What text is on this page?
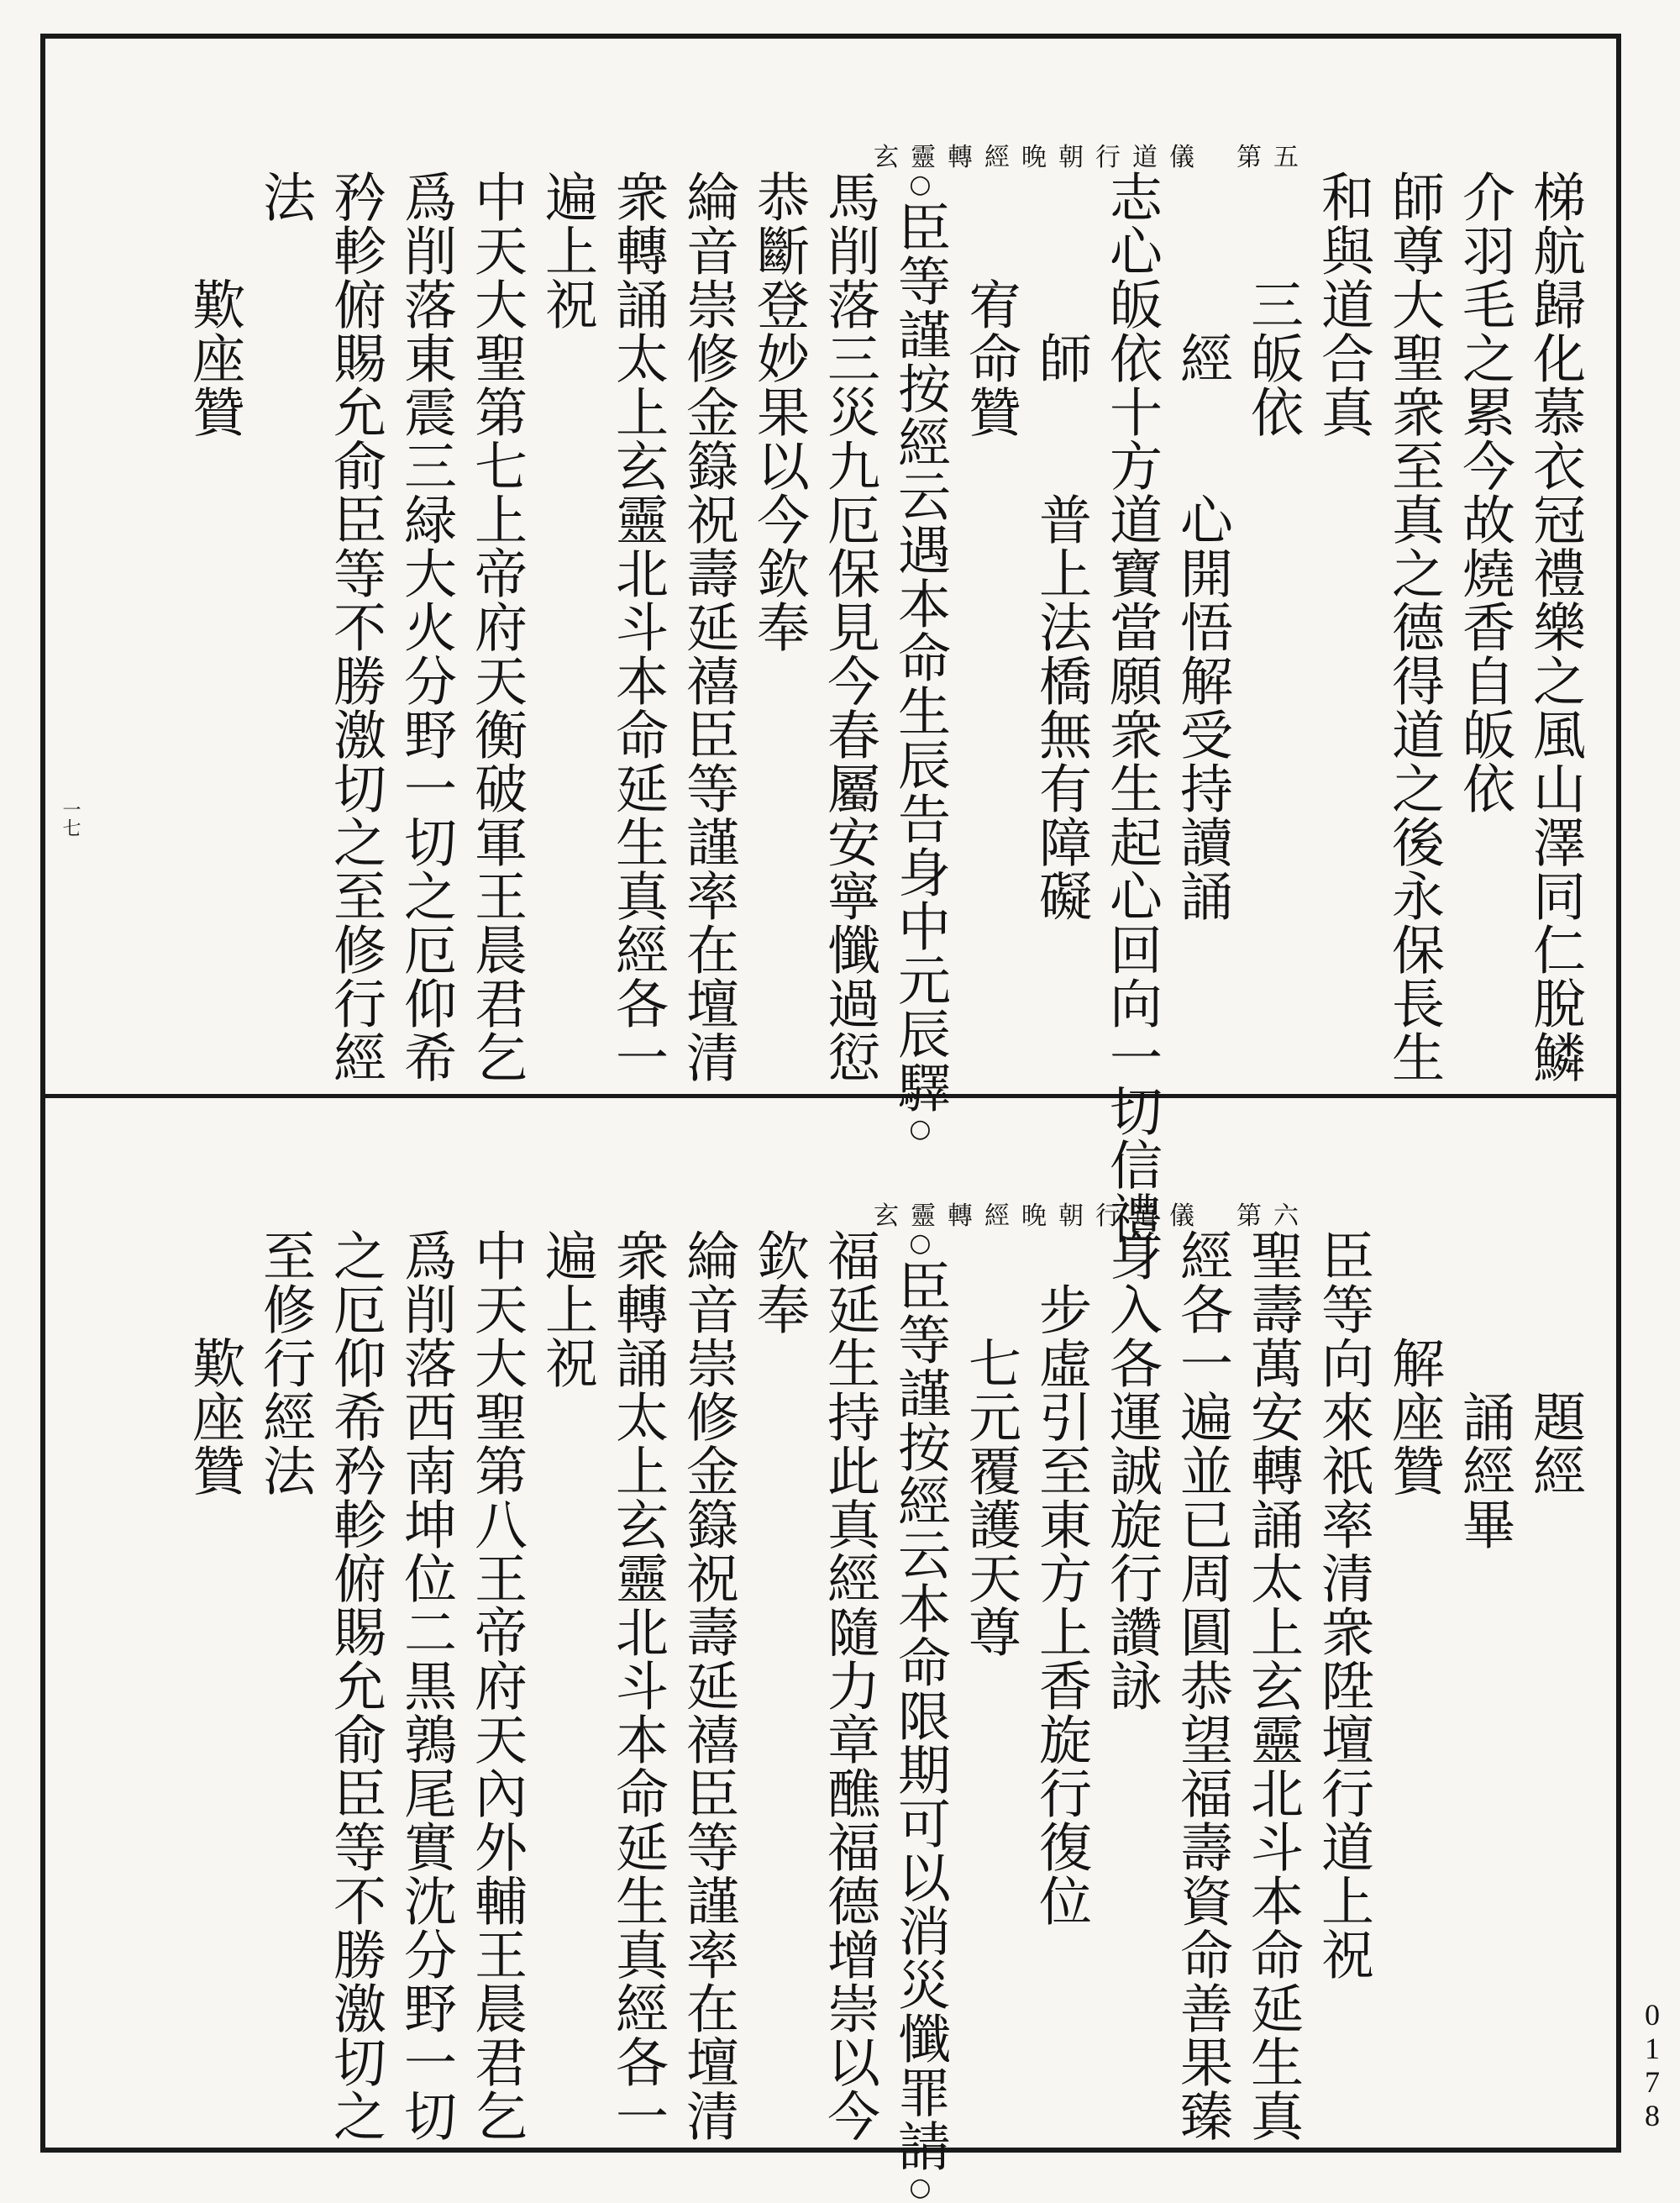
玄靈轉經晚朝行道儀 第五
梯航歸化慕衣冠禮樂之風山澤同仁脫鱗
介羽毛之累今故燒香自皈依
師尊大聖衆至真之德得道之後永保長生
和與道合真
三皈依
經　　心開悟解受持讀誦
志心皈依十方道寶當願衆生起心回向一切信禮
師　　普上法橋無有障礙
宥命贊
○臣等謹按經云遇本命生辰告身中元辰驛○
馬削落三災九厄保見今春屬安寧懺過愆
恭斷登妙果以今欽奉
綸音崇修金籙祝壽延禧臣等謹率在壇清
衆轉誦太上玄靈北斗本命延生真經各一
遍上祝
中天大聖第七上帝府天衡破軍王晨君乞
爲削落東震三緑大火分野一切之厄仰希
矜軫俯賜允俞臣等不勝激切之至修行經
法
歎座贊
一七
玄靈轉經晚朝行道儀 第六
題經
誦經畢
解座贊
臣等向來祇率清衆陞壇行道上祝
聖壽萬安轉誦太上玄靈北斗本命延生真
經各一遍並已周圓恭望福壽資命善果臻
身入各運誠旋行讚詠
步虛引至東方上香旋行復位
七元覆護天尊
○臣等謹按經云本命限期可以消災懺罪請○
福延生持此真經隨力章醮福德增崇以今
欽奉
綸音崇修金籙祝壽延禧臣等謹率在壇清
衆轉誦太上玄靈北斗本命延生真經各一
遍上祝
中天大聖第八王帝府天內外輔王晨君乞
爲削落西南坤位二黒鶉尾實沈分野一切
之厄仰希矜軫俯賜允俞臣等不勝激切之
至修行經法
歎座贊
0178
